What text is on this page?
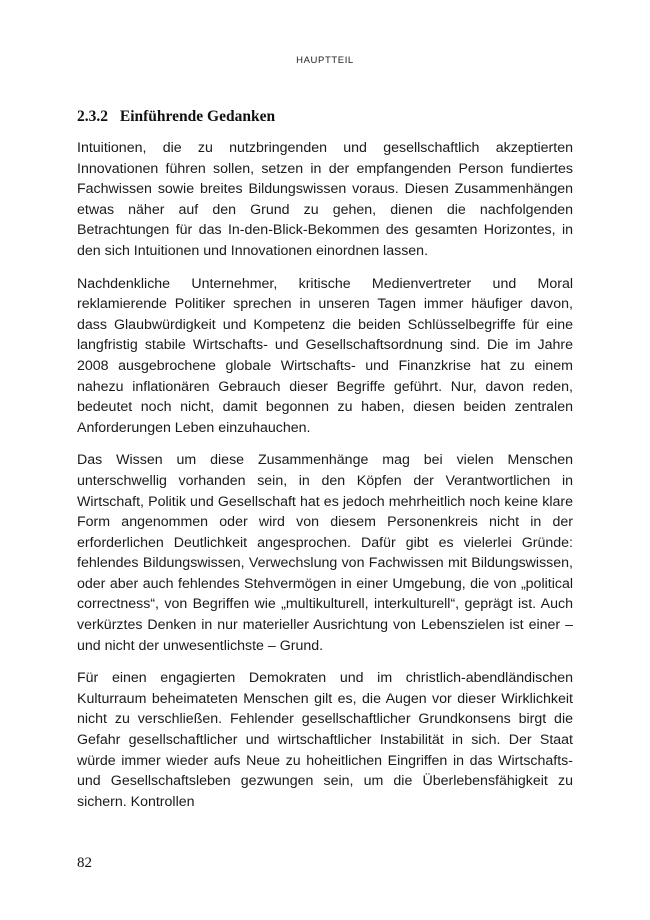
HAUPTTEIL
2.3.2 Einführende Gedanken

Intuitionen, die zu nutzbringenden und gesellschaftlich akzeptierten Innovationen führen sollen, setzen in der empfangenden Person fundiertes Fachwissen sowie breites Bildungswissen voraus. Diesen Zusammenhängen etwas näher auf den Grund zu gehen, dienen die nachfolgenden Betrachtungen für das In-den-Blick-Bekommen des gesamten Horizontes, in den sich Intuitionen und Innovationen einordnen lassen.

Nachdenkliche Unternehmer, kritische Medienvertreter und Moral reklamierende Politiker sprechen in unseren Tagen immer häufiger davon, dass Glaubwürdigkeit und Kompetenz die beiden Schlüsselbegriffe für eine langfristig stabile Wirtschafts- und Gesellschaftsordnung sind. Die im Jahre 2008 ausgebrochene globale Wirtschafts- und Finanzkrise hat zu einem nahezu inflationären Gebrauch dieser Begriffe geführt. Nur, davon reden, bedeutet noch nicht, damit begonnen zu haben, diesen beiden zentralen Anforderungen Leben einzuhauchen.

Das Wissen um diese Zusammenhänge mag bei vielen Menschen unterschwellig vorhanden sein, in den Köpfen der Verantwortlichen in Wirtschaft, Politik und Gesellschaft hat es jedoch mehrheitlich noch keine klare Form angenommen oder wird von diesem Personenkreis nicht in der erforderlichen Deutlichkeit angesprochen. Dafür gibt es vielerlei Gründe: fehlendes Bildungswissen, Verwechslung von Fachwissen mit Bildungswissen, oder aber auch fehlendes Stehvermögen in einer Umgebung, die von „political correctness“, von Begriffen wie „multikulturell, interkulturell“, geprägt ist. Auch verkürztes Denken in nur materieller Ausrichtung von Lebenszielen ist einer – und nicht der unwesentlichste – Grund.

Für einen engagierten Demokraten und im christlich-abendländischen Kulturraum beheimateten Menschen gilt es, die Augen vor dieser Wirklichkeit nicht zu verschließen. Fehlender gesellschaftlicher Grundkonsens birgt die Gefahr gesellschaftlicher und wirtschaftlicher Instabilität in sich. Der Staat würde immer wieder aufs Neue zu hoheitlichen Eingriffen in das Wirtschafts- und Gesellschaftsleben gezwungen sein, um die Überlebensfähigkeit zu sichern. Kontrollen

82
